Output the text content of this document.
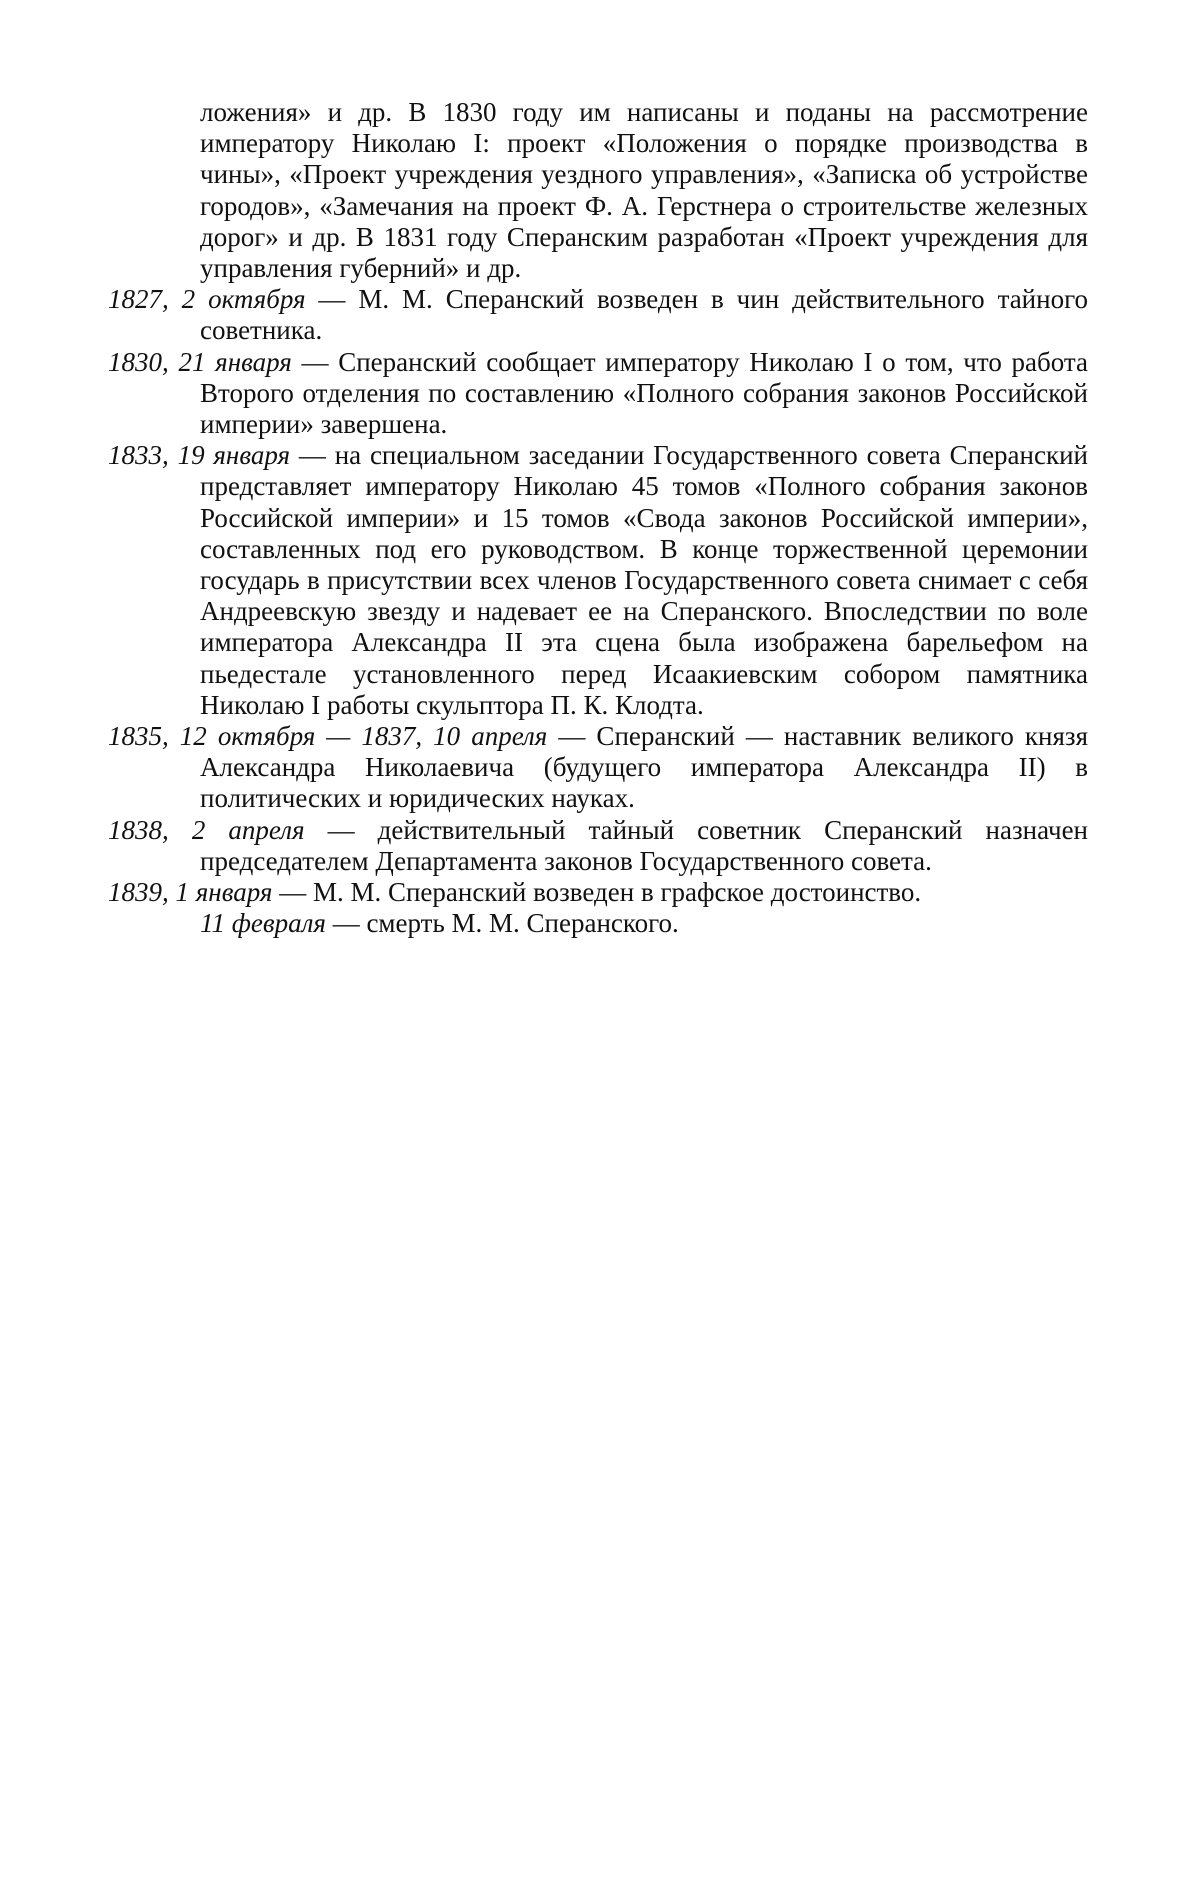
ложения» и др. В 1830 году им написаны и поданы на рассмотрение императору Николаю I: проект «Положения о порядке производства в чины», «Проект учреждения уездного управления», «Записка об устройстве городов», «Замечания на проект Ф. А. Герстнера о строительстве железных дорог» и др. В 1831 году Сперанским разработан «Проект учреждения для управления губерний» и др.
1827, 2 октября — М. М. Сперанский возведен в чин действительного тайного советника.
1830, 21 января — Сперанский сообщает императору Николаю I о том, что работа Второго отделения по составлению «Полного собрания законов Российской империи» завершена.
1833, 19 января — на специальном заседании Государственного совета Сперанский представляет императору Николаю 45 томов «Полного собрания законов Российской империи» и 15 томов «Свода законов Российской империи», составленных под его руководством. В конце торжественной церемонии государь в присутствии всех членов Государственного совета снимает с себя Андреевскую звезду и надевает ее на Сперанского. Впоследствии по воле императора Александра II эта сцена была изображена барельефом на пьедестале установленного перед Исаакиевским собором памятника Николаю I работы скульптора П. К. Клодта.
1835, 12 октября — 1837, 10 апреля — Сперанский — наставник великого князя Александра Николаевича (будущего императора Александра II) в политических и юридических науках.
1838, 2 апреля — действительный тайный советник Сперанский назначен председателем Департамента законов Государственного совета.
1839, 1 января — М. М. Сперанский возведен в графское достоинство.
11 февраля — смерть М. М. Сперанского.
